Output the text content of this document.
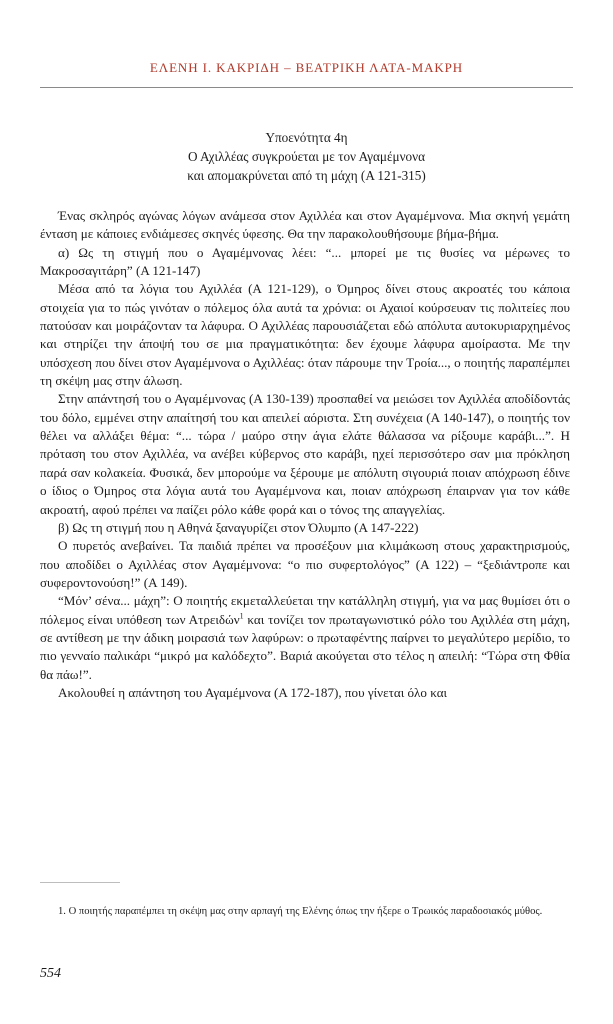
ΕΛΕΝΗ Ι. ΚΑΚΡΙΔΗ – ΒΕΑΤΡΙΚΗ ΛΑΤΑ-ΜΑΚΡΗ
Υποενότητα 4η
Ο Αχιλλέας συγκρούεται με τον Αγαμέμνονα
και απομακρύνεται από τη μάχη (Α 121-315)

Ένας σκληρός αγώνας λόγων ανάμεσα στον Αχιλλέα και στον Αγαμέμνονα. Μια σκηνή γεμάτη ένταση με κάποιες ενδιάμεσες σκηνές ύφεσης. Θα την παρακολουθήσουμε βήμα-βήμα.

α) Ως τη στιγμή που ο Αγαμέμνονας λέει: “... μπορεί με τις θυσίες να μέρωνες το Μακροσαγιτάρη” (Α 121-147)

Μέσα από τα λόγια του Αχιλλέα (Α 121-129), ο Όμηρος δίνει στους ακροατές του κάποια στοιχεία για το πώς γινόταν ο πόλεμος όλα αυτά τα χρόνια: οι Αχαιοί κούρσευαν τις πολιτείες που πατούσαν και μοιράζονταν τα λάφυρα. Ο Αχιλλέας παρουσιάζεται εδώ απόλυτα αυτοκυριαρχημένος και στηρίζει την άποψή του σε μια πραγματικότητα: δεν έχουμε λάφυρα αμοίραστα. Με την υπόσχεση που δίνει στον Αγαμέμνονα ο Αχιλλέας: όταν πάρουμε την Τροία..., ο ποιητής παραπέμπει τη σκέψη μας στην άλωση.

Στην απάντησή του ο Αγαμέμνονας (Α 130-139) προσπαθεί να μειώσει τον Αχιλλέα αποδίδοντάς του δόλο, εμμένει στην απαίτησή του και απειλεί αόριστα. Στη συνέχεια (Α 140-147), ο ποιητής τον θέλει να αλλάξει θέμα: “... τώρα / μαύρο στην άγια ελάτε θάλασσα να ρίξουμε καράβι...”. Η πρόταση του στον Αχιλλέα, να ανέβει κύβερνος στο καράβι, ηχεί περισσότερο σαν μια πρόκληση παρά σαν κολακεία. Φυσικά, δεν μπορούμε να ξέρουμε με απόλυτη σιγουριά ποιαν απόχρωση έδινε ο ίδιος ο Όμηρος στα λόγια αυτά του Αγαμέμνονα και, ποιαν απόχρωση έπαιρναν για τον κάθε ακροατή, αφού πρέπει να παίζει ρόλο κάθε φορά και ο τόνος της απαγγελίας.

β) Ως τη στιγμή που η Αθηνά ξαναγυρίζει στον Όλυμπο (Α 147-222)

Ο πυρετός ανεβαίνει. Τα παιδιά πρέπει να προσέξουν μια κλιμάκωση στους χαρακτηρισμούς, που αποδίδει ο Αχιλλέας στον Αγαμέμνονα: “ο πιο συφερτολόγος” (Α 122) – “ξεδιάντροπε και συφεροντονούση!” (Α 149).

“Μόν’ σένα... μάχη”: Ο ποιητής εκμεταλλεύεται την κατάλληλη στιγμή, για να μας θυμίσει ότι ο πόλεμος είναι υπόθεση των Ατρειδών$^1$ και τονίζει τον πρωταγωνιστικό ρόλο του Αχιλλέα στη μάχη, σε αντίθεση με την άδικη μοιρασιά των λαφύρων: ο πρωταφέντης παίρνει το μεγαλύτερο μερίδιο, το πιο γενναίο παλικάρι “μικρό μα καλόδεχτο”. Βαριά ακούγεται στο τέλος η απειλή: “Τώρα στη Φθία θα πάω!”.

Ακολουθεί η απάντηση του Αγαμέμνονα (Α 172-187), που γίνεται όλο και

1. Ο ποιητής παραπέμπει τη σκέψη μας στην αρπαγή της Ελένης όπως την ήξερε ο Τρωικός παραδοσιακός μύθος.
554
